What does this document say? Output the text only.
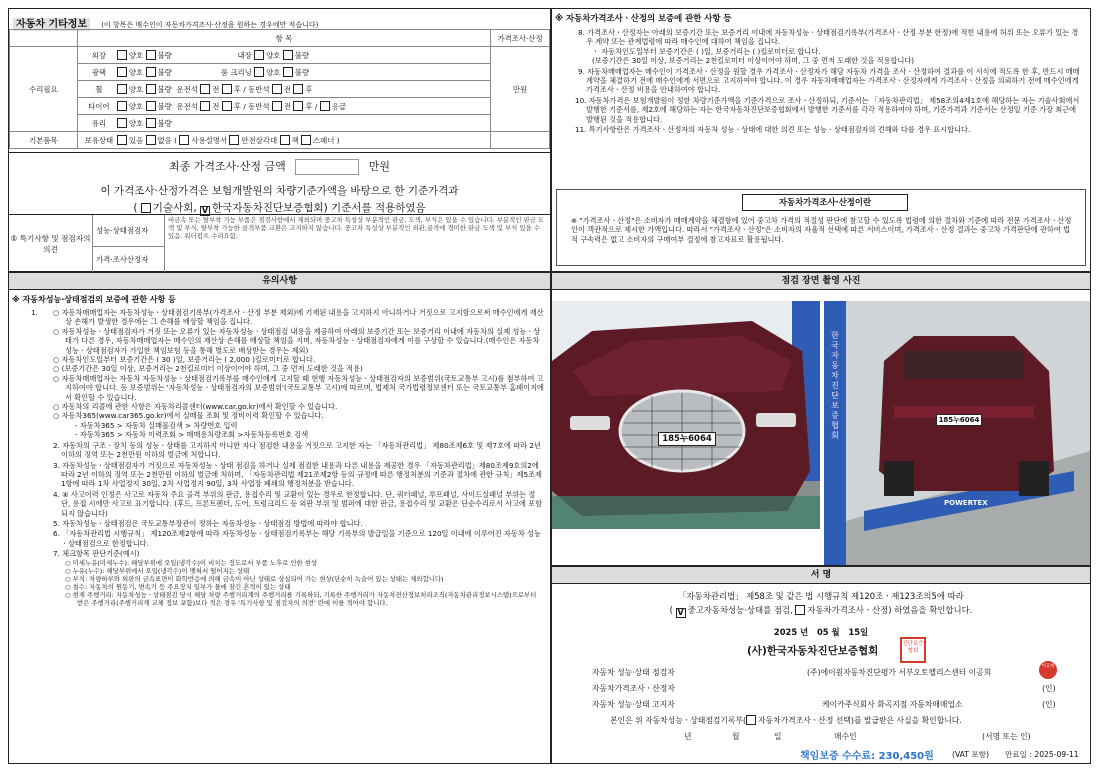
자동차 기타정보 (이 항목은 매수인이 자동차가격조사·산정을 원하는 경우에만 적습니다)
	항 목	가격조사·산정
수리필요	외장 양호 불량 내장 양호 불량	만원
	광택 양호 불량 룸 크리닝 양호 불량	
	휠 양호 불량 운전석 전 후 / 동반석 전 후	
	타이어 양호 불량 운전석 전 후 / 동반석 전 후 / 응급	
	유리 양호 불량	
기본품목	보유상태 있음 없음 ( 사용설명서 안전삼각대 잭 스패너 )	
최종 가격조사·산정 금액	만원
이 가격조사·산정가격은 보험개발원의 차량기준가액을 바탕으로 한 기준가격과
( 기술사회, V 한국자동차진단보증협회) 기준서를 적용하였음
⑤ 특기사항 및 점검자의 의견
성능·상태점검자
비금속 또는 탈부착 가능 부품은 점검사항에서 제외되며 중고차 특성상 부분적인 판금, 도색, 부식은 있을 수 있습니다. 부분적인 판금 도색 및 부식, 탈부착 가능한 골격부품 교환은 고지하지 않습니다. 중고차 특성상 부분적인 외관,골격에 경미한 판금 도색 및 부식 있을 수 있음. 워터펌프 수리요함.
가격·조사산정자
※ 자동차가격조사ㆍ산정의 보증에 관한 사항 등
8. 가격조사ㆍ산정자는 아래의 보증기간 또는 보증거리 이내에 자동차성능ㆍ상태점검기록부(가격조사ㆍ산정 부분 한정)에 적힌 내용에 허위 또는 오류가 있는 경우 계약 또는 관계법령에 따라 매수인에 대하여 책임을 집니다.
ㆍ 자동차인도일부터 보증기간은 ( )일, 보증거리는 ( )킬로미터로 합니다.
(보증기간은 30일 이상, 보증거리는 2천킬로미터 이상이어야 하며, 그 중 먼저 도래한 것을 적용합니다)
9. 자동차매매업자는 매수인이 가격조사ㆍ산정을 원할 경우 가격조사ㆍ산정자가 해당 자동차 가격을 조사ㆍ산정하여 결과를 이 서식에 적도록 한 후, 반드시 매매계약을 체결하기 전에 매수인에게 서면으로 고지하여야 합니다. 이 경우 자동차매매업자는 가격조사ㆍ산정자에게 가격조사ㆍ산정을 의뢰하기 전에 매수인에게 가격조사ㆍ산정 비용을 안내하여야 합니다.
10. 자동차가격은 보험개발원이 정한 차량기준가액을 기준가격으로 조사ㆍ산정하되, 기준서는 「자동차관리법」 제58조의4제1호에 해당하는 자는 기술사회에서 발행한 기준서를, 제2호에 해당하는 자는 한국자동차진단보증협회에서 발행한 기준서를 각각 적용하여야 하며, 기준가격과 기준서는 산정일 기준 가장 최근에 발행된 것을 적용합니다.
11. 특기사항란은 가격조사ㆍ산정자의 자동차 성능ㆍ상태에 대한 의견 또는 성능ㆍ상태점검자의 견해와 다를 경우 표시합니다.
자동차가격조사·산정이란
※ "가격조사ㆍ산정"은 소비자가 매매계약을 체결함에 있어 중고차 가격의 적절성 판단에 참고할 수 있도록 법령에 의한 절차와 기준에 따라 전문 가격조사ㆍ산정인이 객관적으로 제시한 가액입니다. 따라서 "가격조사ㆍ산정"은 소비자의 자율적 선택에 따른 서비스이며, 가격조사ㆍ산정 결과는 중고차 가격판단에 관하여 법적 구속력은 없고 소비자의 구매여부 결정에 참고자료로 활용됩니다.
유의사항
※ 자동차성능·상태점검의 보증에 관한 사항 등
1.	○ 자동차매매업자는 자동차성능ㆍ상태점검기록부(가격조사ㆍ산정 부분 제외)에 기재된 내용을 고지하지 아니하거나 거짓으로 고지함으로써 매수인에게 재산상 손해가 발생한 경우에는 그 손해를 배상할 책임을 집니다.
○ 자동차성능ㆍ상태점검자가 거짓 또는 오류가 있는 자동차성능ㆍ상태점검 내용을 제공하여 아래의 보증기간 또는 보증거리 이내에 자동차의 실제 성능ㆍ상태가 다른 경우, 자동차매매업자는 매수인의 재산상 손해를 배상할 책임을 지며, 자동차성능ㆍ상태점검자에게 이를 구상할 수 있습니다.(매수인은 자동차성능ㆍ상태점검자가 가입한 책임보험 등을 통해 별도로 배상받는 경우는 제외)
○ 자동차인도일부터 보증기간은 ( 30 )일, 보증거리는 ( 2,000 )킬로미터로 합니다.
○ (보증기간은 30일 이상, 보증거리는 2천킬로미터 이상이어야 하며, 그 중 먼저 도래한 것을 적용)
○ 자동차매매업자는 자동차 자동차성능ㆍ상태점검기록부를 매수인에게 고지할 때 현행 자동차성능ㆍ상태점검자의 보증범위(국토교통부 고시)를 첨부하여 고지하여야 합니다. 등 보증범위는 '자동차성능ㆍ상태점검자의 보증범위'(국토교통부 고시)에 따르며, 법제처 국가법령정보센터 또는 국토교통부 홈페이지에서 확인할 수 있습니다.
○ 자동차의 리콜에 관한 사항은 자동차리콜센터(www.car.go.kr)에서 확인할 수 있습니다.
○ 자동차365(www.car365.go.kr)에서 실매물 조회 및 정비이력 확인할 수 있습니다.
- 자동차365 > 자동차 실매물검색 > 차량번호 입력
- 자동차365 > 자동차 이력조회 > 매매용차량조회 >자동차등록번호 검색
2. 자동차의 구조ㆍ장치 등의 성능ㆍ상태를 고지하지 아니한 자나 점검한 내용을 거짓으로 고지한 자는 「자동차관리법」 제80조제6호 및 제7호에 따라 2년 이하의 징역 또는 2천만원 이하의 벌금에 처합니다.
3. 자동차성능ㆍ상태점검자가 거짓으로 자동차성능ㆍ상태 점검을 하거나 실제 점검한 내용과 다른 내용을 제공한 경우 「자동차관리법」제80조제9호의2에 따라 2년 이하의 징역 또는 2천만원 이하의 벌금에 처하며, 「자동차관리법 제21조제2항 등의 규정에 따른 행정처분의 기준과 절차에 관한 규칙」제5조제1항에 따라 1차 사업정지 30일, 2차 사업정지 90일, 3차 사업장 폐쇄의 행정처분을 받습니다.
4. ④ 사고이력 인정은 사고로 자동차 주요 골격 부위의 판금, 용접수리 및 교환이 있는 경우로 한정합니다. 단, 쿼터패널, 루프패널, 사이드실패널 부위는 절단, 용접 시에만 사고로 표기합니다. (후드, 프론트펜더, 도어, 트렁크리드 등 외판 부위 및 범퍼에 대한 판금, 용접수리 및 교환은 단순수리로서 사고에 포함되지 않습니다)
5. 자동차성능ㆍ상태점검은 국토교통부장관이 정하는 자동차성능ㆍ상태점검 방법에 따라야 합니다.
6. 「자동차관리법 시행규칙」 제120조제2항에 따라 자동차성능ㆍ상태점검기록부는 해당 기록부의 발급일을 기준으로 120일 이내에 이루어진 자동차 성능ㆍ상태점검으로 한정합니다.
7. 체크항목 판단기준(예시)
○ 미세누유(미세누수): 해당부위에 오일(냉각수)이 비치는 정도로서 부품 노후로 인한 현상
○ 누유(누수): 해당부위에서 오일(냉각수)이 맺혀서 떨어지는 상태
○ 부식: 차량하부와 외판의 금속표면이 화학반응에 의해 금속이 아닌 상태로 상실되어 가는 현상(단순히 녹슬어 있는 상태는 제외합니다)
○ 침수: 자동차의 원동기, 변속기 등 주요장치 일부가 물에 잠긴 흔적이 있는 상태
○ 현재 주행거리: 자동차성능ㆍ상태점검 당시 해당 차량 주행거리계의 주행거리를 기록하되, 기록한 주행거리가 자동차전산정보처리조직(자동차관리정보시스템)으로부터 받은 주행거리(주행거리계 교체 정보 포함)보다 적은 경우 '특기사항 및 점검자의 의견' 란에 이를 적어야 합니다.
점검 장면 촬영 사진
185누6064
한국자동차진단보증협회
185누6064
POWERTEX
서 명
「자동차관리법」 제58조 및 같은 법 시행규칙 제120조ㆍ제123조의5에 따라
( V 중고자동차성능·상태를 점검, 자동차가격조사ㆍ산정) 하였음을 확인합니다.
2025 년 05 월 15일
(사)한국자동차진단보증협회
진단보증협회
자동차 성능·상태 점검자	(주)에이원자동차진단평가 서부오토팰리스센터 이공희
이공희
자동차가격조사ㆍ산정자	(인)
자동차 성능·상태 고지자	케이카주식회사 화곡지점 자동차매매업소	(인)
본인은 위 자동차성능ㆍ상태점검기록부( 자동차가격조사ㆍ산정 선택)를 발급받은 사실을 확인합니다.
년	월	일	매수인	(서명 또는 인)
책임보증 수수료: 230,450원 (VAT 포함) 만료일 : 2025-09-11
